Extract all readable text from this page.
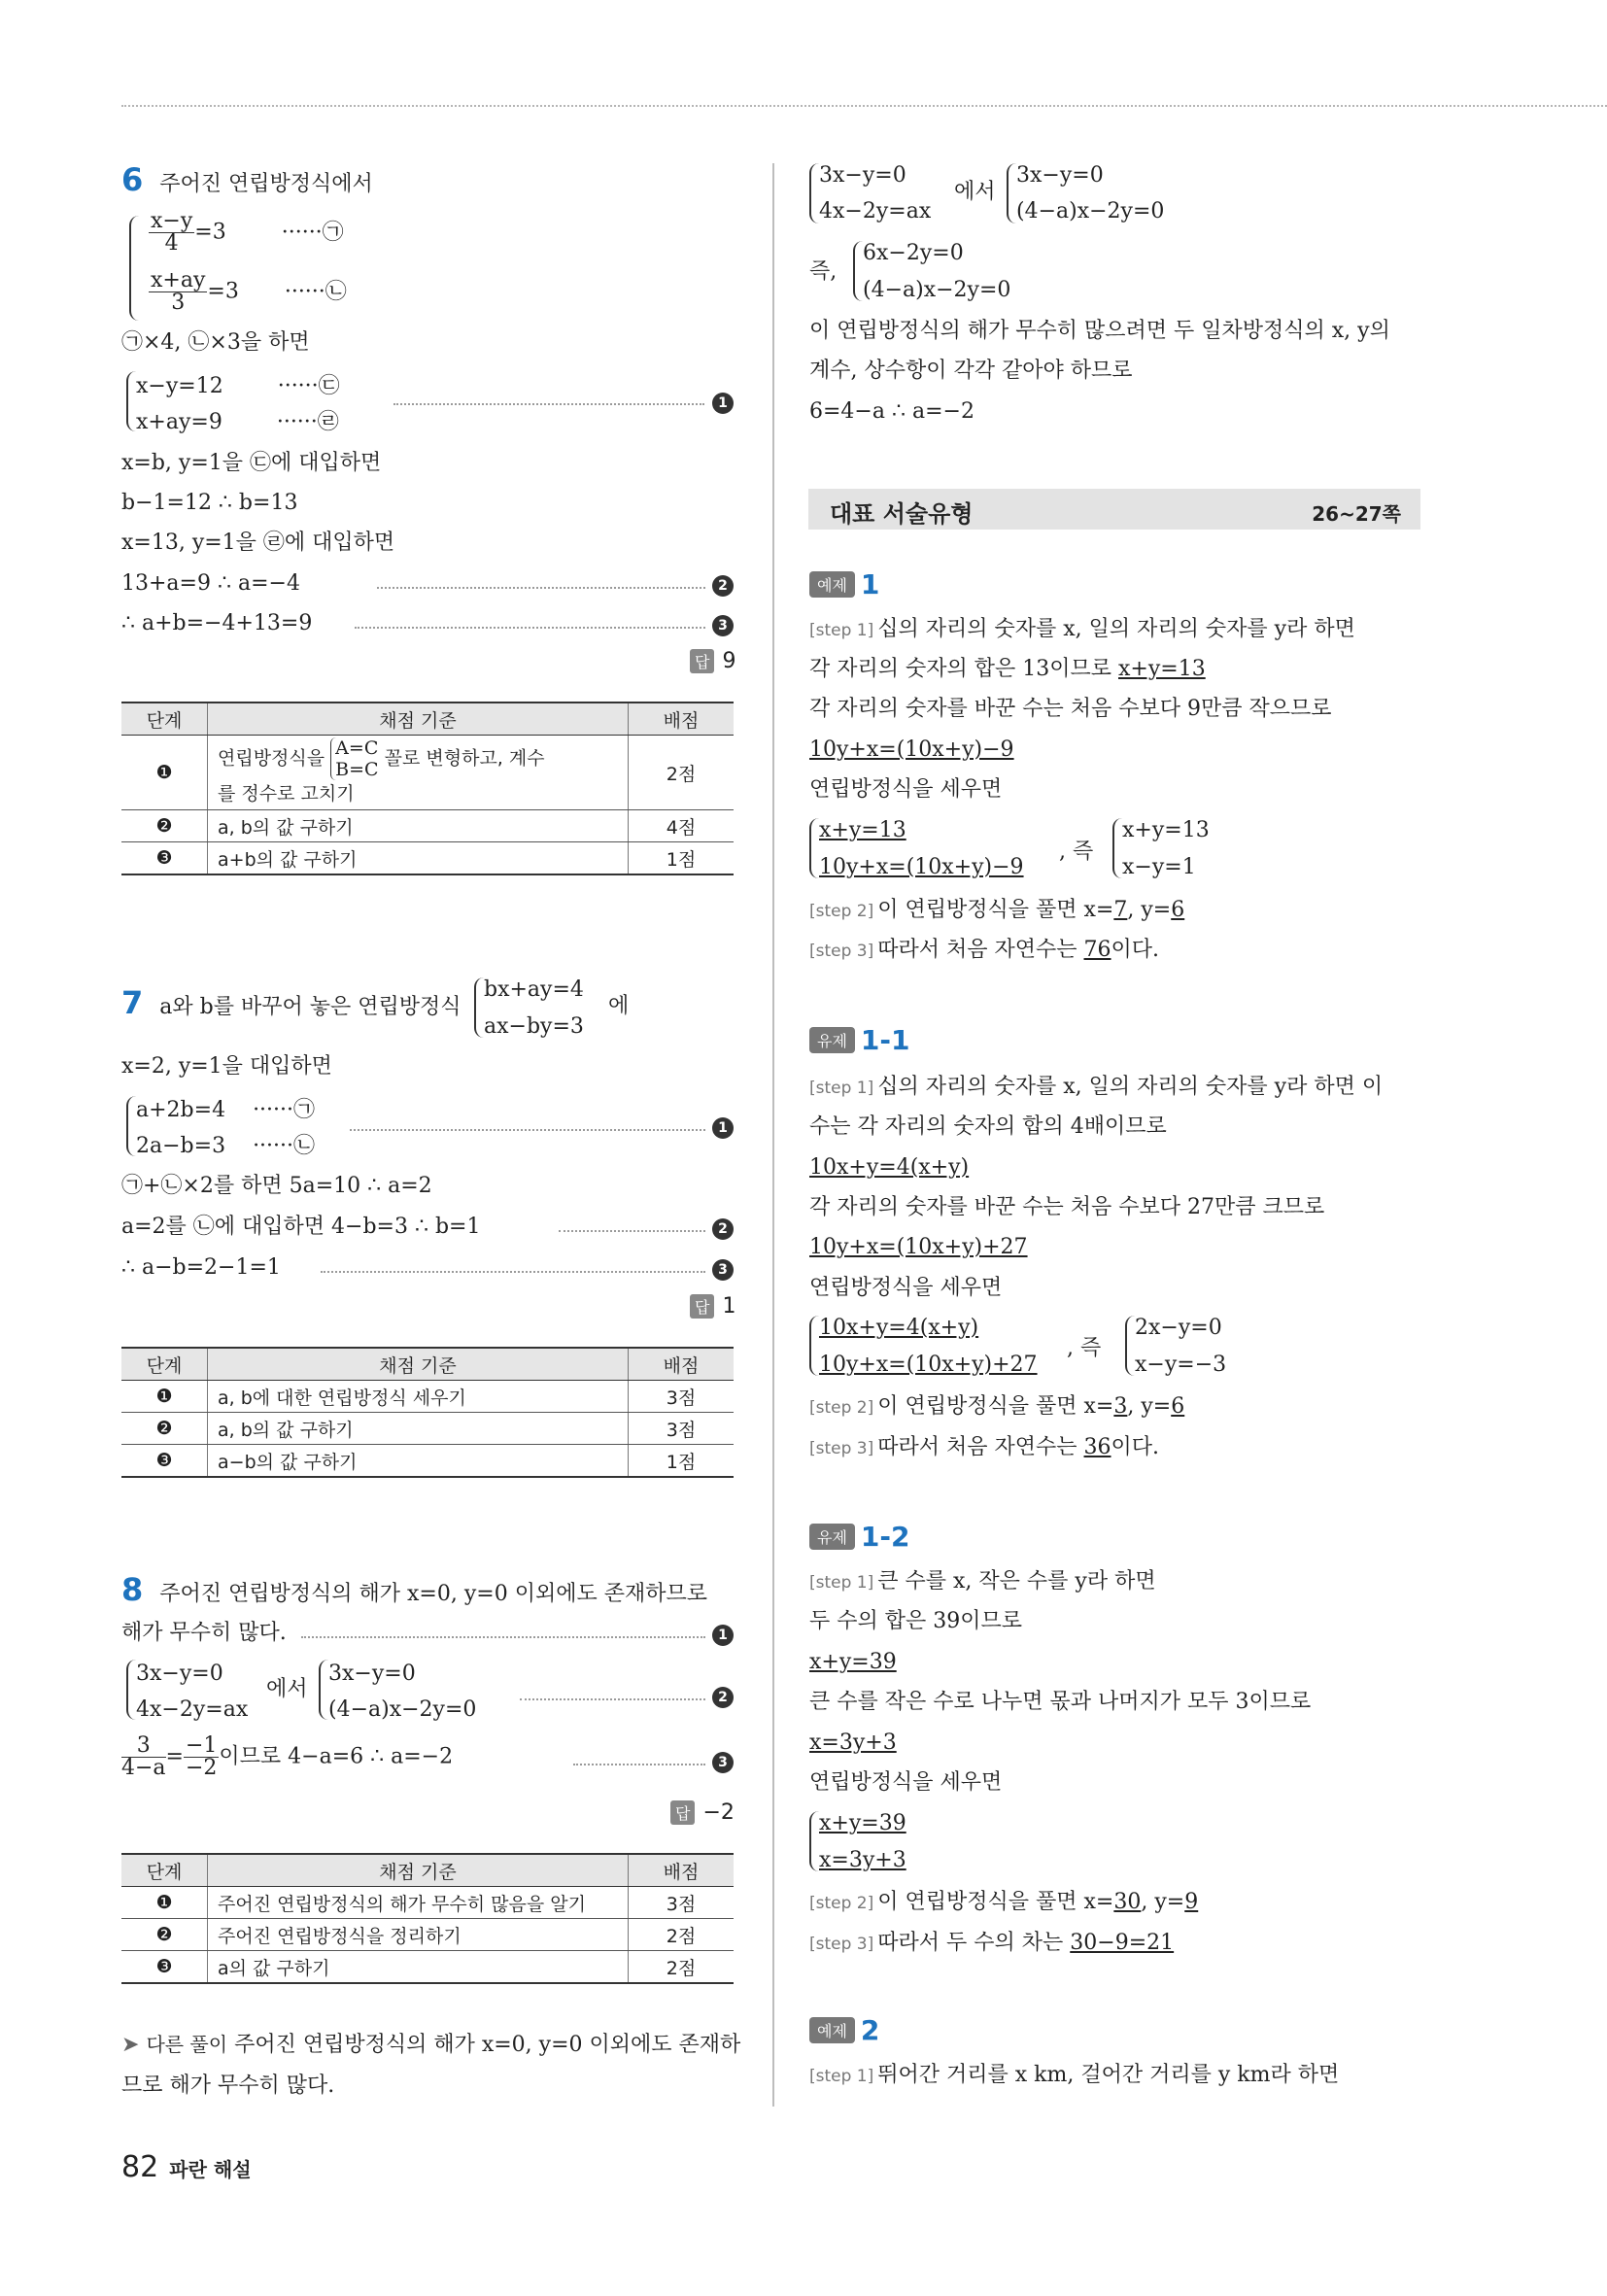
6 주어진 연립방정식에서
$\frac{x-y}{4} =3$	······㉠
$\frac{x+ay}{3} =3$ ······㉡
㉠×4, ㉡×3을 하면
x−y=12	······㉢
x+ay=9	······㉣
1
x=b, y=1을 ㉢에 대입하면
b−1=12 ∴ b=13
x=13, y=1을 ㉣에 대입하면
13+a=9 ∴ a=−4	2
∴ a+b=−4+13=9	3
답 9
단계	채점 기준	배점
❶	연립방정식을 A=C
B=C
꼴로 변형하고, 계수
를 정수로 고치기	2점
❷	a, b의 값 구하기	4점
❸	a+b의 값 구하기	1점
7 a와 b를 바꾸어 놓은 연립방정식
bx+ay=4
ax−by=3
에
x=2, y=1을 대입하면
a+2b=4 ······㉠
2a−b=3 ······㉡
1
㉠+㉡×2를 하면 5a=10 ∴ a=2
a=2를 ㉡에 대입하면 4−b=3 ∴ b=1	2
∴ a−b=2−1=1	3
답 1
단계	채점 기준	배점
❶	a, b에 대한 연립방정식 세우기	3점
❷	a, b의 값 구하기	3점
❸	a−b의 값 구하기	1점
8 주어진 연립방정식의 해가 x=0, y=0 이외에도 존재하므로
해가 무수히 많다.	1
3x−y=0
4x−2y=ax
에서
3x−y=0
(4−a)x−2y=0	2
$\frac{3}{4-a} = \frac{-1}{-2}$ 이므로 4−a=6 ∴ a=−2	3
답 −2
단계	채점 기준	배점
❶	주어진 연립방정식의 해가 무수히 많음을 알기	3점
❷	주어진 연립방정식을 정리하기	2점
❸	a의 값 구하기	2점
➤ 다른 풀이 주어진 연립방정식의 해가 x=0, y=0 이외에도 존재하므로 해가 무수히 많다.
82 파란 해설
3x−y=0
4x−2y=ax
에서
3x−y=0
(4−a)x−2y=0
즉,
6x−2y=0
(4−a)x−2y=0
이 연립방정식의 해가 무수히 많으려면 두 일차방정식의 x, y의
계수, 상수항이 각각 같아야 하므로
6=4−a ∴ a=−2
대표 서술유형	26~27쪽
예제 1
[step 1] 십의 자리의 숫자를 x, 일의 자리의 숫자를 y라 하면
각 자리의 숫자의 합은 13이므로 x+y=13
각 자리의 숫자를 바꾼 수는 처음 수보다 9만큼 작으므로
10y+x=(10x+y)−9
연립방정식을 세우면
x+y=13
10y+x=(10x+y)−9
, 즉
x+y=13
x−y=1
[step 2] 이 연립방정식을 풀면 x=7, y=6
[step 3] 따라서 처음 자연수는 76이다.
유제 1-1
[step 1] 십의 자리의 숫자를 x, 일의 자리의 숫자를 y라 하면 이
수는 각 자리의 숫자의 합의 4배이므로
10x+y=4(x+y)
각 자리의 숫자를 바꾼 수는 처음 수보다 27만큼 크므로
10y+x=(10x+y)+27
연립방정식을 세우면
10x+y=4(x+y)
10y+x=(10x+y)+27
, 즉
2x−y=0
x−y=−3
[step 2] 이 연립방정식을 풀면 x=3, y=6
[step 3] 따라서 처음 자연수는 36이다.
유제 1-2
[step 1] 큰 수를 x, 작은 수를 y라 하면
두 수의 합은 39이므로
x+y=39
큰 수를 작은 수로 나누면 몫과 나머지가 모두 3이므로
x=3y+3
연립방정식을 세우면
x+y=39
x=3y+3
[step 2] 이 연립방정식을 풀면 x=30, y=9
[step 3] 따라서 두 수의 차는 30−9=21
예제 2
[step 1] 뛰어간 거리를 x km, 걸어간 거리를 y km라 하면
